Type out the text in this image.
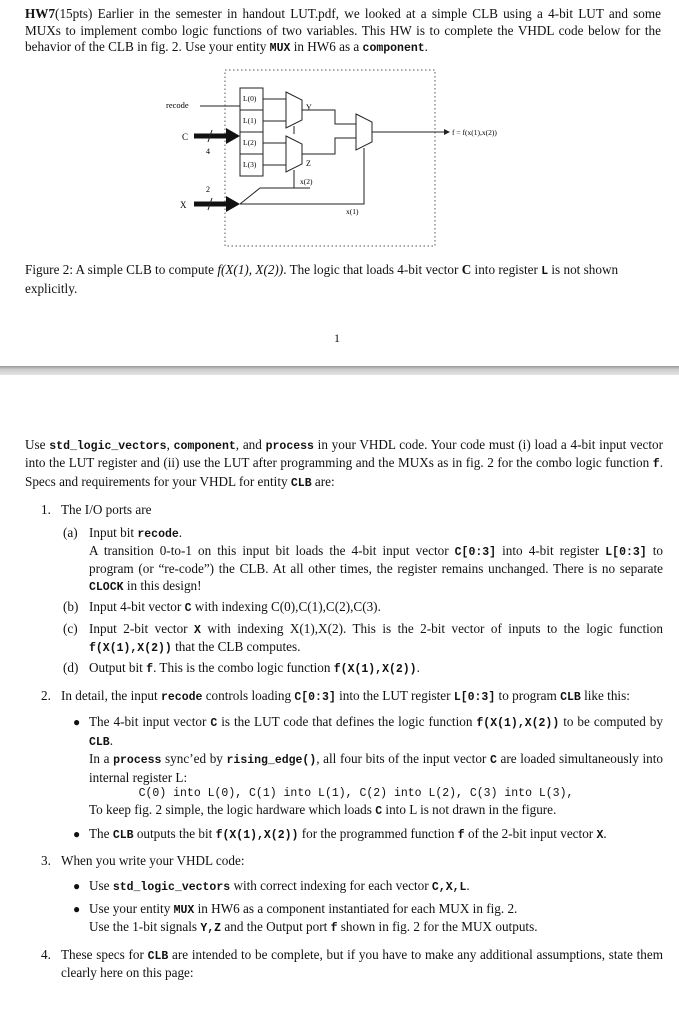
HW7(15pts) Earlier in the semester in handout LUT.pdf, we looked at a simple CLB using a 4-bit LUT and some MUXs to implement combo logic functions of two variables. This HW is to complete the VHDL code below for the behavior of the CLB in fig. 2. Use your entity MUX in HW6 as a component.

recode
C
4
L(0)
L(1)
L(2)
L(3)
Y
Z
f = f(x(1),x(2))
x(2)
X
2
x(1)
Figure 2: A simple CLB to compute f(X(1), X(2)). The logic that loads 4-bit vector C into register L is not shown explicitly.
1

Use std_logic_vectors, component, and process in your VHDL code. Your code must (i) load a 4-bit input vector into the LUT register and (ii) use the LUT after programming and the MUXs as in fig. 2 for the combo logic function f. Specs and requirements for your VHDL for entity CLB are:

1. The I/O ports are
(a) Input bit recode.
A transition 0-to-1 on this input bit loads the 4-bit input vector C[0:3] into 4-bit register L[0:3] to program (or “re-code”) the CLB. At all other times, the register remains unchanged. There is no separate CLOCK in this design!
(b) Input 4-bit vector C with indexing C(0),C(1),C(2),C(3).
(c) Input 2-bit vector X with indexing X(1),X(2). This is the 2-bit vector of inputs to the logic function f(X(1),X(2)) that the CLB computes.
(d) Output bit f. This is the combo logic function f(X(1),X(2)).
2. In detail, the input recode controls loading C[0:3] into the LUT register L[0:3] to program CLB like this:
● The 4-bit input vector C is the LUT code that defines the logic function f(X(1),X(2)) to be computed by CLB.
In a process sync’ed by rising_edge(), all four bits of the input vector C are loaded simultaneously into internal register L:
C(0) into L(0), C(1) into L(1), C(2) into L(2), C(3) into L(3),
To keep fig. 2 simple, the logic hardware which loads C into L is not drawn in the figure.
● The CLB outputs the bit f(X(1),X(2)) for the programmed function f of the 2-bit input vector X.
3. When you write your VHDL code:
● Use std_logic_vectors with correct indexing for each vector C,X,L.
● Use your entity MUX in HW6 as a component instantiated for each MUX in fig. 2.
Use the 1-bit signals Y,Z and the Output port f shown in fig. 2 for the MUX outputs.
4. These specs for CLB are intended to be complete, but if you have to make any additional assumptions, state them clearly here on this page:
